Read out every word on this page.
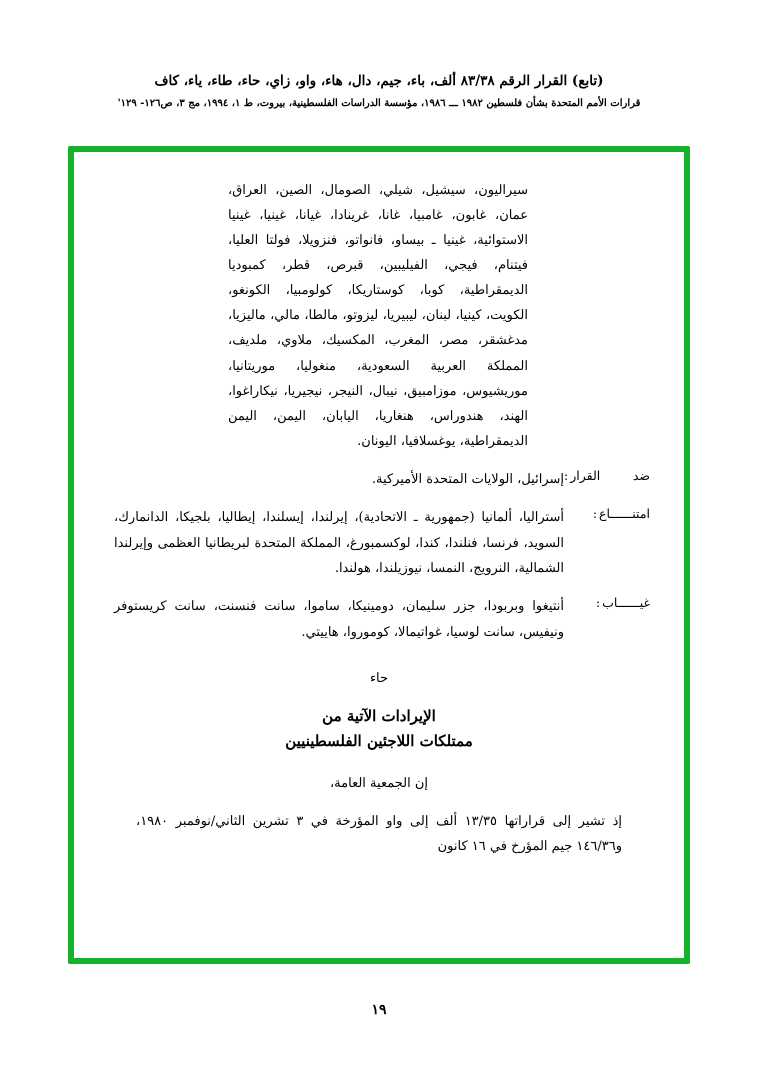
(تابع) القرار الرقم ٨٣/٣٨ ألف، باء، جيم، دال، هاء، واو، زاي، حاء، طاء، ياء، كاف
قرارات الأمم المتحدة بشأن فلسطين ١٩٨٢ ـــ ١٩٨٦، مؤسسة الدراسات الفلسطينية، بيروت، ط ١، ١٩٩٤، مج ٣، ص١٢٦- ١٢٩'
سيراليون، سيشيل، شيلي، الصومال، الصين، العراق، عمان، غابون، غامبيا، غانا، غرينادا، غيانا، غينيا، غينيا الاستوائية، غينيا ـ بيساو، فانواتو، فنزويلا، فولتا العليا، فيتنام، فيجي، الفيليبين، قبرص، قطر، كمبوديا الديمقراطية، كوبا، كوستاريكا، كولومبيا، الكونغو، الكويت، كينيا، لبنان، ليبيريا، ليزوتو، مالطا، مالي، ماليزيا، مدغشقر، مصر، المغرب، المكسيك، ملاوي، ملديف، المملكة العربية السعودية، منغوليا، موريتانيا، موريشيوس، موزامبيق، نيبال، النيجر، نيجيريا، نيكاراغوا، الهند، هندوراس، هنغاريا، اليابان، اليمن، اليمن الديمقراطية، يوغسلافيا، اليونان.
ضد القرار:
إسرائيل، الولايات المتحدة الأميركية.
امتنــــــاع:
أستراليا، ألمانيا (جمهورية ـ الاتحادية)، إيرلندا، إيسلندا، إيطاليا، بلجيكا، الدانمارك، السويد، فرنسا، فنلندا، كندا، لوكسمبورغ، المملكة المتحدة لبريطانيا العظمى وإيرلندا الشمالية، النرويج، النمسا، نيوزيلندا، هولندا.
غيــــــاب:
أنتيغوا وبربودا، جزر سليمان، دومينيكا، ساموا، سانت فنسنت، سانت كريستوفر ونيفيس، سانت لوسيا، غواتيمالا، كوموروا، هاييتي.
حاء
الإيرادات الآتية من
ممتلكات اللاجئين الفلسطينيين
إن الجمعية العامة،
إذ تشير إلى قراراتها ١٣/٣٥ ألف إلى واو المؤرخة في ٣ تشرين الثاني/نوفمبر ١٩٨٠، و١٤٦/٣٦ جيم المؤرخ في ١٦ كانون
١٩
